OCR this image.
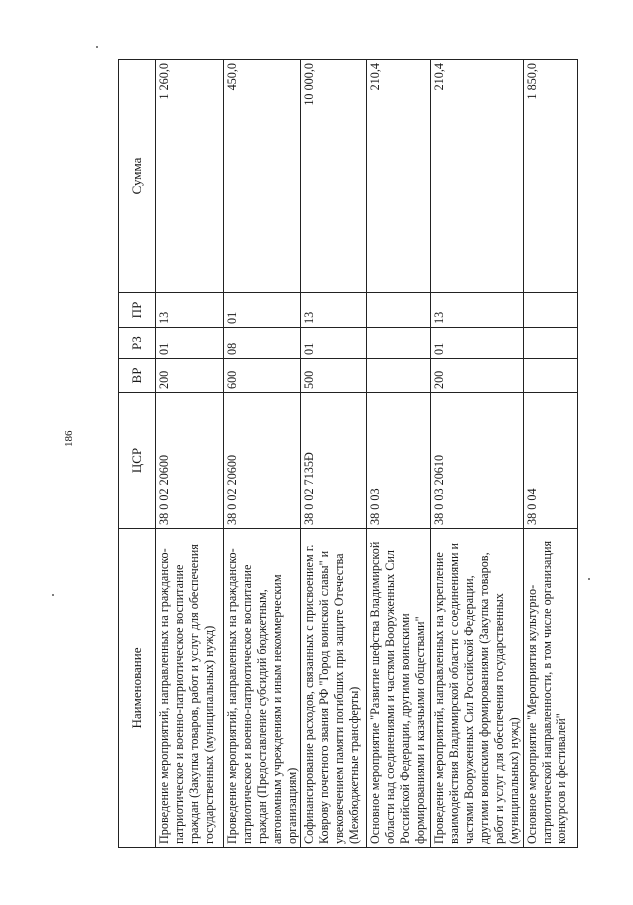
186
Наименование	ЦСР	ВР	РЗ	ПР	Сумма
Проведение мероприятий, направленных на гражданско-патриотическое и военно-патриотическое воспитание граждан (Закупка товаров, работ и услуг для обеспечения государственных (муниципальных) нужд)	38 0 02 20600	200	01	13	1 260,0
Проведение мероприятий, направленных на гражданско-патриотическое и военно-патриотическое воспитание граждан (Предоставление субсидий бюджетным, автономным учреждениям и иным некоммерческим организациям)	38 0 02 20600	600	08	01	450,0
Софинансирование расходов, связанных с присвоением г. Коврову почетного звания РФ "Город воинской славы" и увековечением памяти погибших при защите Отечества (Межбюджетные трансферты)	38 0 02 7135Ð	500	01	13	10 000,0
Основное мероприятие "Развитие шефства Владимирской области над соединениями и частями Вооруженных Сил Российской Федерации, другими воинскими формированиями и казачьими обществами"	38 0 03				210,4
Проведение мероприятий, направленных на укрепление взаимодействия Владимирской области с соединениями и частями Вооруженных Сил Российской Федерации, другими воинскими формированиями (Закупка товаров, работ и услуг для обеспечения государственных (муниципальных) нужд)	38 0 03 20610	200	01	13	210,4
Основное мероприятие "Мероприятия культурно-патриотической направленности, в том числе организация конкурсов и фестивалей"	38 0 04				1 850,0
